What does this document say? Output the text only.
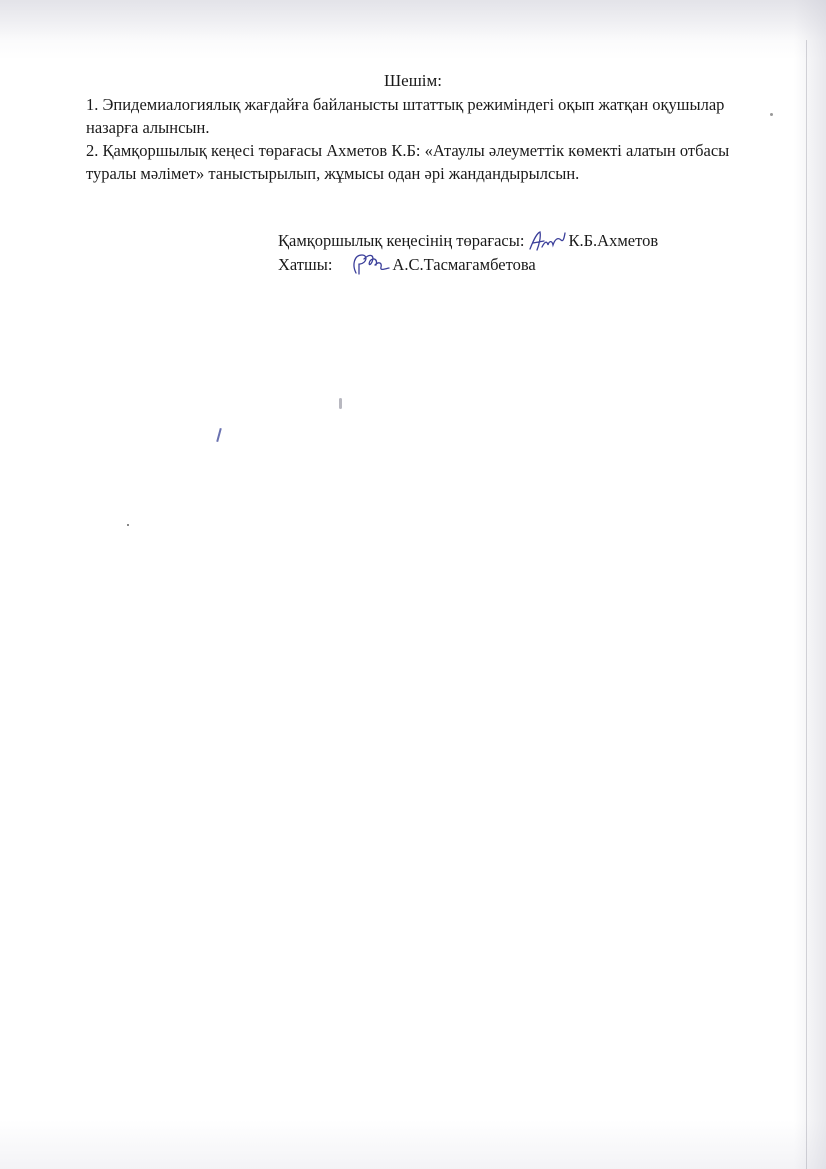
Шешім:

1. Эпидемиалогиялық жағдайға байланысты штаттық режиміндегі оқып жатқан оқушылар назарға алынсын.

2. Қамқоршылық кеңесі төрағасы Ахметов К.Б: «Атаулы әлеуметтік көмекті алатын отбасы туралы мәлімет» таныстырылып, жұмысы одан әрі жандандырылсын.

Қамқоршылық кеңесінің төрағасы:	К.Б.Ахметов
Хатшы:	А.С.Тасмагамбетова
